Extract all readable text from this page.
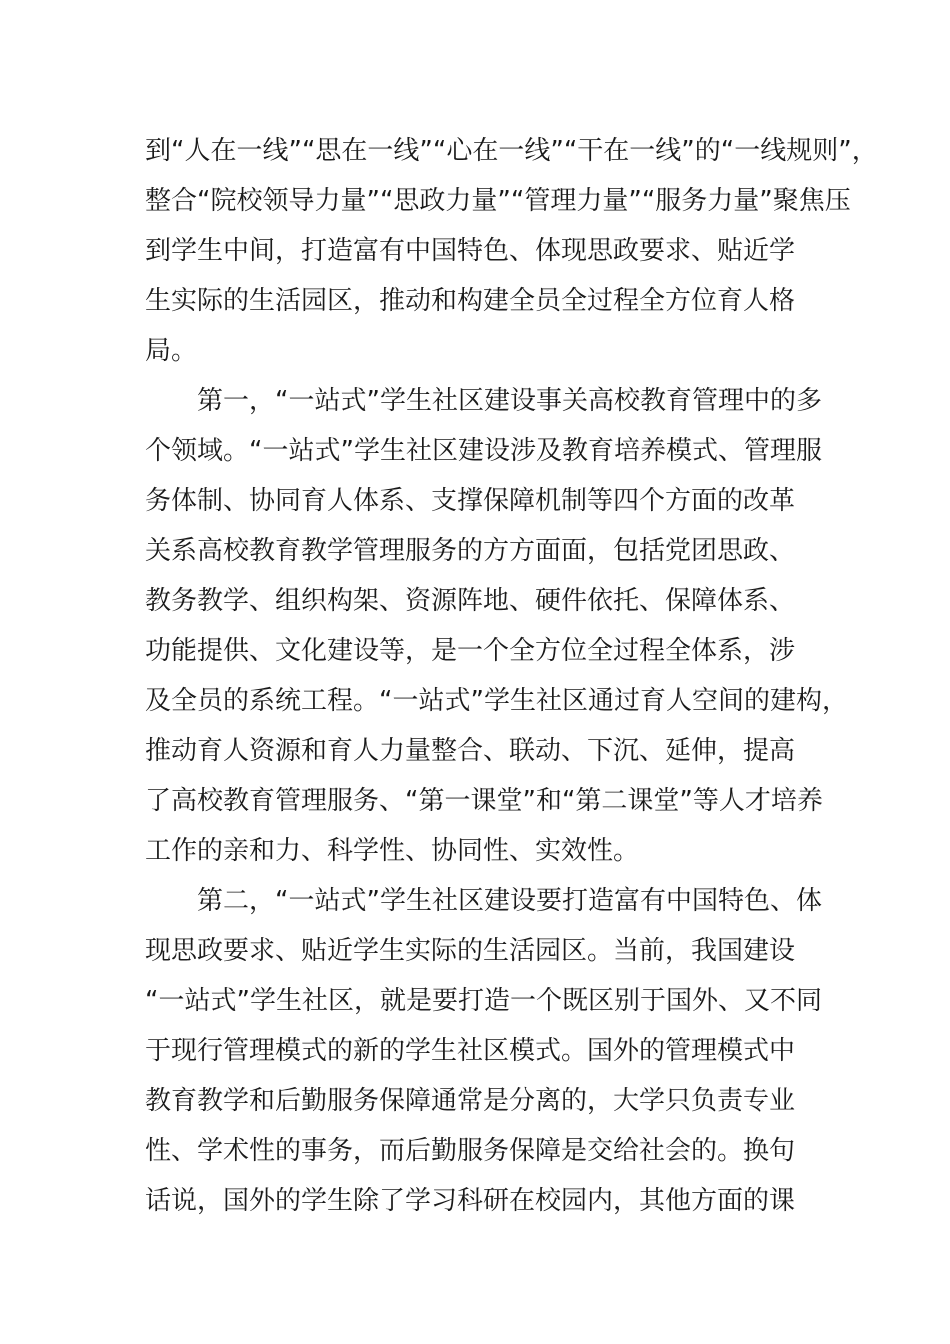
到“人在一线”“思在一线”“心在一线”“干在一线”的“一线规则”，
整合“院校领导力量”“思政力量”“管理力量”“服务力量”聚焦压
到学生中间，打造富有中国特色、体现思政要求、贴近学
生实际的生活园区，推动和构建全员全过程全方位育人格
局。
第一，“一站式”学生社区建设事关高校教育管理中的多
个领域。“一站式”学生社区建设涉及教育培养模式、管理服
务体制、协同育人体系、支撑保障机制等四个方面的改革
关系高校教育教学管理服务的方方面面，包括党团思政、
教务教学、组织构架、资源阵地、硬件依托、保障体系、
功能提供、文化建设等，是一个全方位全过程全体系，涉
及全员的系统工程。“一站式”学生社区通过育人空间的建构，
推动育人资源和育人力量整合、联动、下沉、延伸，提高
了高校教育管理服务、“第一课堂”和“第二课堂”等人才培养
工作的亲和力、科学性、协同性、实效性。
第二，“一站式”学生社区建设要打造富有中国特色、体
现思政要求、贴近学生实际的生活园区。当前，我国建设
“一站式”学生社区，就是要打造一个既区别于国外、又不同
于现行管理模式的新的学生社区模式。国外的管理模式中
教育教学和后勤服务保障通常是分离的，大学只负责专业
性、学术性的事务，而后勤服务保障是交给社会的。换句
话说，国外的学生除了学习科研在校园内，其他方面的课
